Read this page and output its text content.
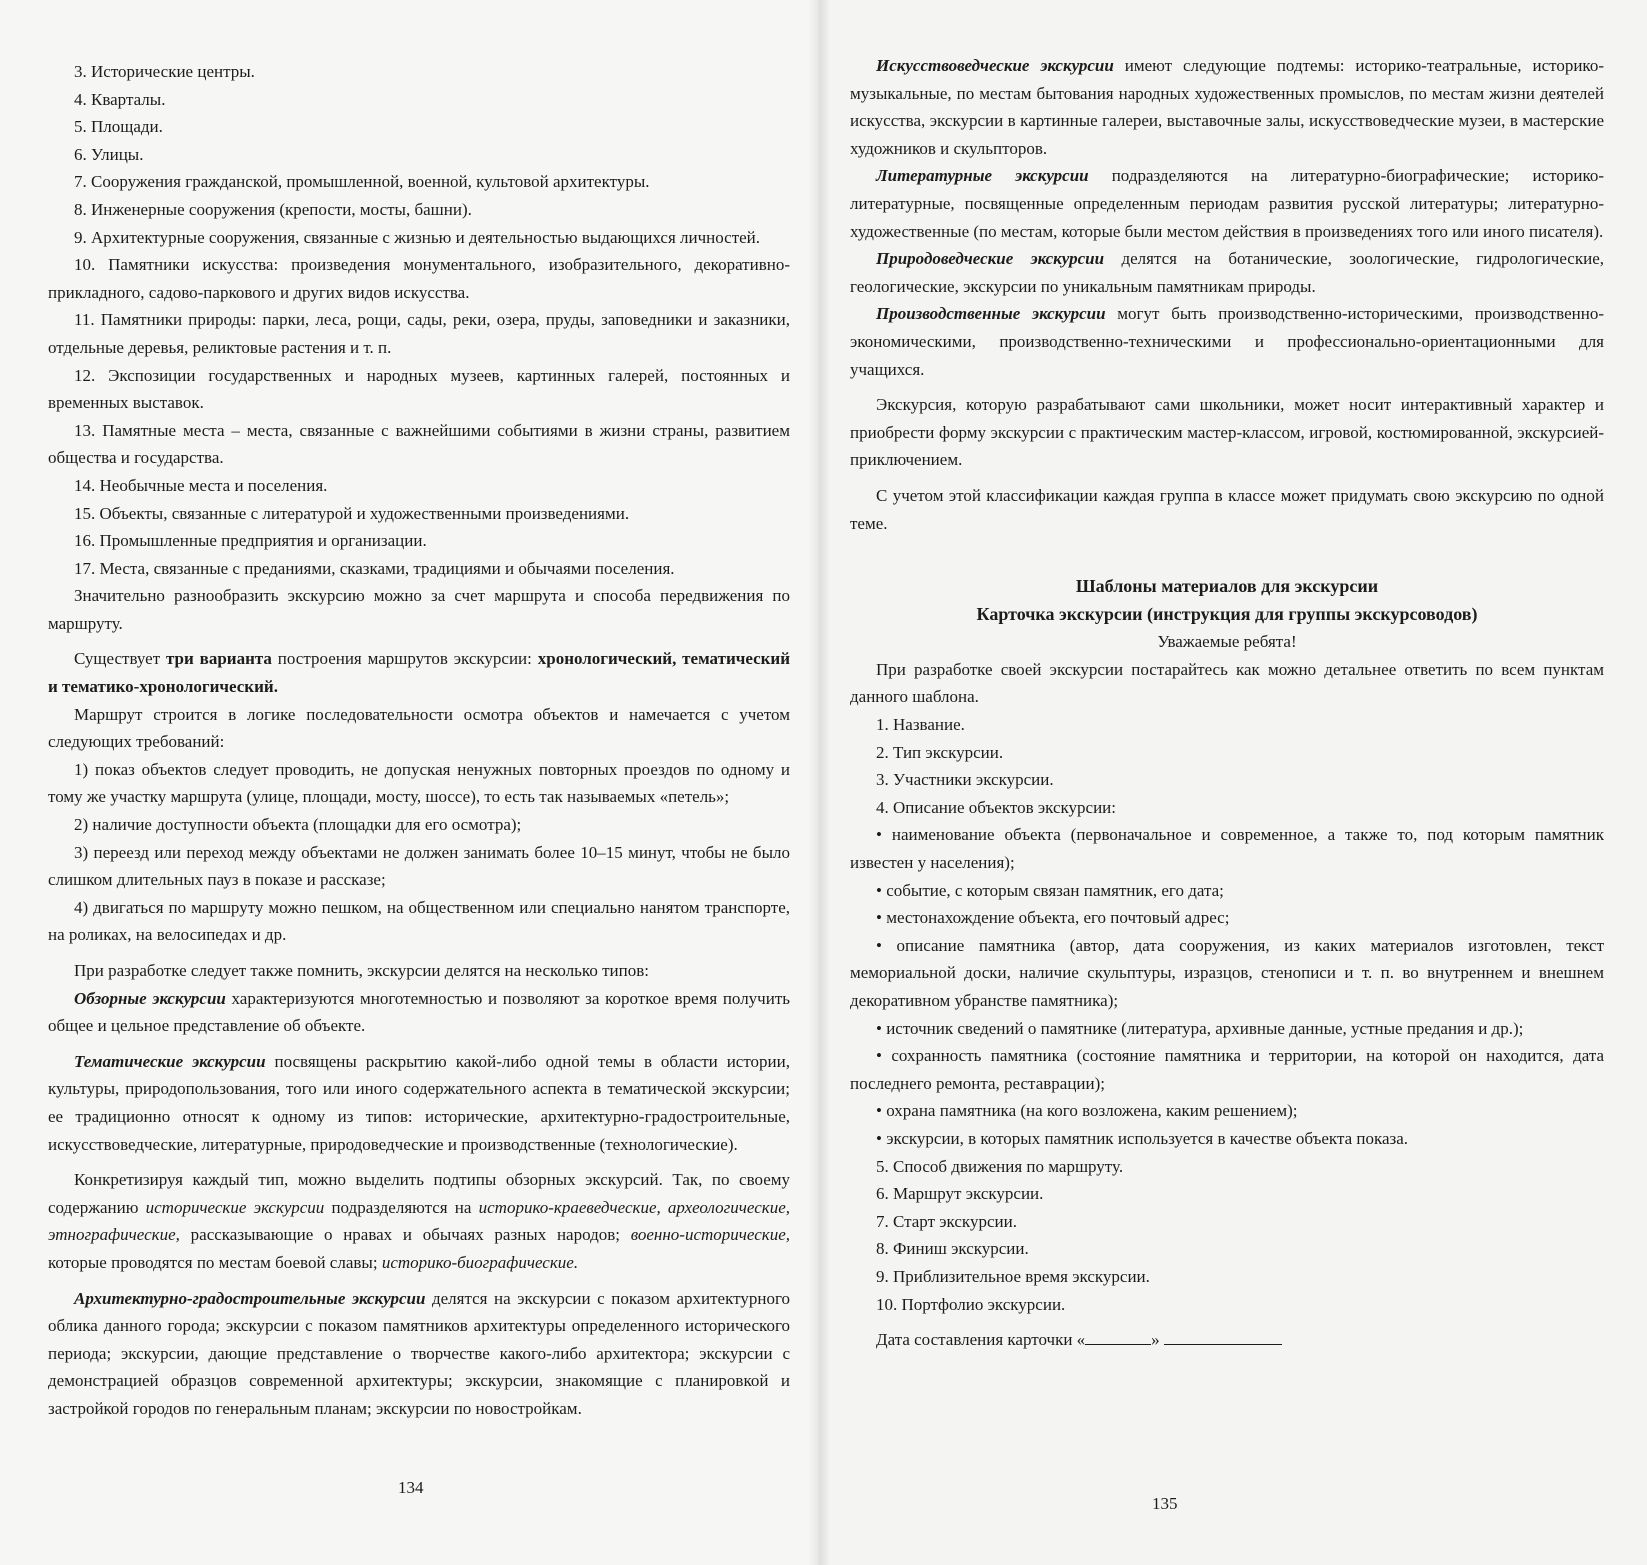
3. Исторические центры.

4. Кварталы.

5. Площади.

6. Улицы.

7. Сооружения гражданской, промышленной, военной, культовой архитектуры.

8. Инженерные сооружения (крепости, мосты, башни).

9. Архитектурные сооружения, связанные с жизнью и деятельностью выдающихся личностей.

10. Памятники искусства: произведения монументального, изобразительного, декоративно-прикладного, садово-паркового и других видов искусства.

11. Памятники природы: парки, леса, рощи, сады, реки, озера, пруды, заповедники и заказники, отдельные деревья, реликтовые растения и т. п.

12. Экспозиции государственных и народных музеев, картинных галерей, постоянных и временных выставок.

13. Памятные места – места, связанные с важнейшими событиями в жизни страны, развитием общества и государства.

14. Необычные места и поселения.

15. Объекты, связанные с литературой и художественными произведениями.

16. Промышленные предприятия и организации.

17. Места, связанные с преданиями, сказками, традициями и обычаями поселения.

Значительно разнообразить экскурсию можно за счет маршрута и способа передвижения по маршруту.

Существует три варианта построения маршрутов экскурсии: хронологический, тематический и тематико-хронологический.

Маршрут строится в логике последовательности осмотра объектов и намечается с учетом следующих требований:

1) показ объектов следует проводить, не допуская ненужных повторных проездов по одному и тому же участку маршрута (улице, площади, мосту, шоссе), то есть так называемых «петель»;

2) наличие доступности объекта (площадки для его осмотра);

3) переезд или переход между объектами не должен занимать более 10–15 минут, чтобы не было слишком длительных пауз в показе и рассказе;

4) двигаться по маршруту можно пешком, на общественном или специально нанятом транспорте, на роликах, на велосипедах и др.

При разработке следует также помнить, экскурсии делятся на несколько типов:

Обзорные экскурсии характеризуются многотемностью и позволяют за короткое время получить общее и цельное представление об объекте.

Тематические экскурсии посвящены раскрытию какой-либо одной темы в области истории, культуры, природопользования, того или иного содержательного аспекта в тематической экскурсии; ее традиционно относят к одному из типов: исторические, архитектурно-градостроительные, искусствоведческие, литературные, природоведческие и производственные (технологические).

Конкретизируя каждый тип, можно выделить подтипы обзорных экскурсий. Так, по своему содержанию исторические экскурсии подразделяются на историко-краеведческие, археологические, этнографические, рассказывающие о нравах и обычаях разных народов; военно-исторические, которые проводятся по местам боевой славы; историко-биографические.

Архитектурно-градостроительные экскурсии делятся на экскурсии с показом архитектурного облика данного города; экскурсии с показом памятников архитектуры определенного исторического периода; экскурсии, дающие представление о творчестве какого-либо архитектора; экскурсии с демонстрацией образцов современной архитектуры; экскурсии, знакомящие с планировкой и застройкой городов по генеральным планам; экскурсии по новостройкам.

134

Искусствоведческие экскурсии имеют следующие подтемы: историко-театральные, историко-музыкальные, по местам бытования народных художественных промыслов, по местам жизни деятелей искусства, экскурсии в картинные галереи, выставочные залы, искусствоведческие музеи, в мастерские художников и скульпторов.

Литературные экскурсии подразделяются на литературно-биографические; историко-литературные, посвященные определенным периодам развития русской литературы; литературно-художественные (по местам, которые были местом действия в произведениях того или иного писателя).

Природоведческие экскурсии делятся на ботанические, зоологические, гидрологические, геологические, экскурсии по уникальным памятникам природы.

Производственные экскурсии могут быть производственно-историческими, производственно-экономическими, производственно-техническими и профессионально-ориентационными для учащихся.

Экскурсия, которую разрабатывают сами школьники, может носит интерактивный характер и приобрести форму экскурсии с практическим мастер-классом, игровой, костюмированной, экскурсией-приключением.

С учетом этой классификации каждая группа в классе может придумать свою экскурсию по одной теме.

Шаблоны материалов для экскурсии

Карточка экскурсии (инструкция для группы экскурсоводов)

Уважаемые ребята!

При разработке своей экскурсии постарайтесь как можно детальнее ответить по всем пунктам данного шаблона.

1. Название.

2. Тип экскурсии.

3. Участники экскурсии.

4. Описание объектов экскурсии:

• наименование объекта (первоначальное и современное, а также то, под которым памятник известен у населения);

• событие, с которым связан памятник, его дата;

• местонахождение объекта, его почтовый адрес;

• описание памятника (автор, дата сооружения, из каких материалов изготовлен, текст мемориальной доски, наличие скульптуры, изразцов, стенописи и т. п. во внутреннем и внешнем декоративном убранстве памятника);

• источник сведений о памятнике (литература, архивные данные, устные предания и др.);

• сохранность памятника (состояние памятника и территории, на которой он находится, дата последнего ремонта, реставрации);

• охрана памятника (на кого возложена, каким решением);

• экскурсии, в которых памятник используется в качестве объекта показа.

5. Способ движения по маршруту.

6. Маршрут экскурсии.

7. Старт экскурсии.

8. Финиш экскурсии.

9. Приблизительное время экскурсии.

10. Портфолио экскурсии.

Дата составления карточки «	»

135
